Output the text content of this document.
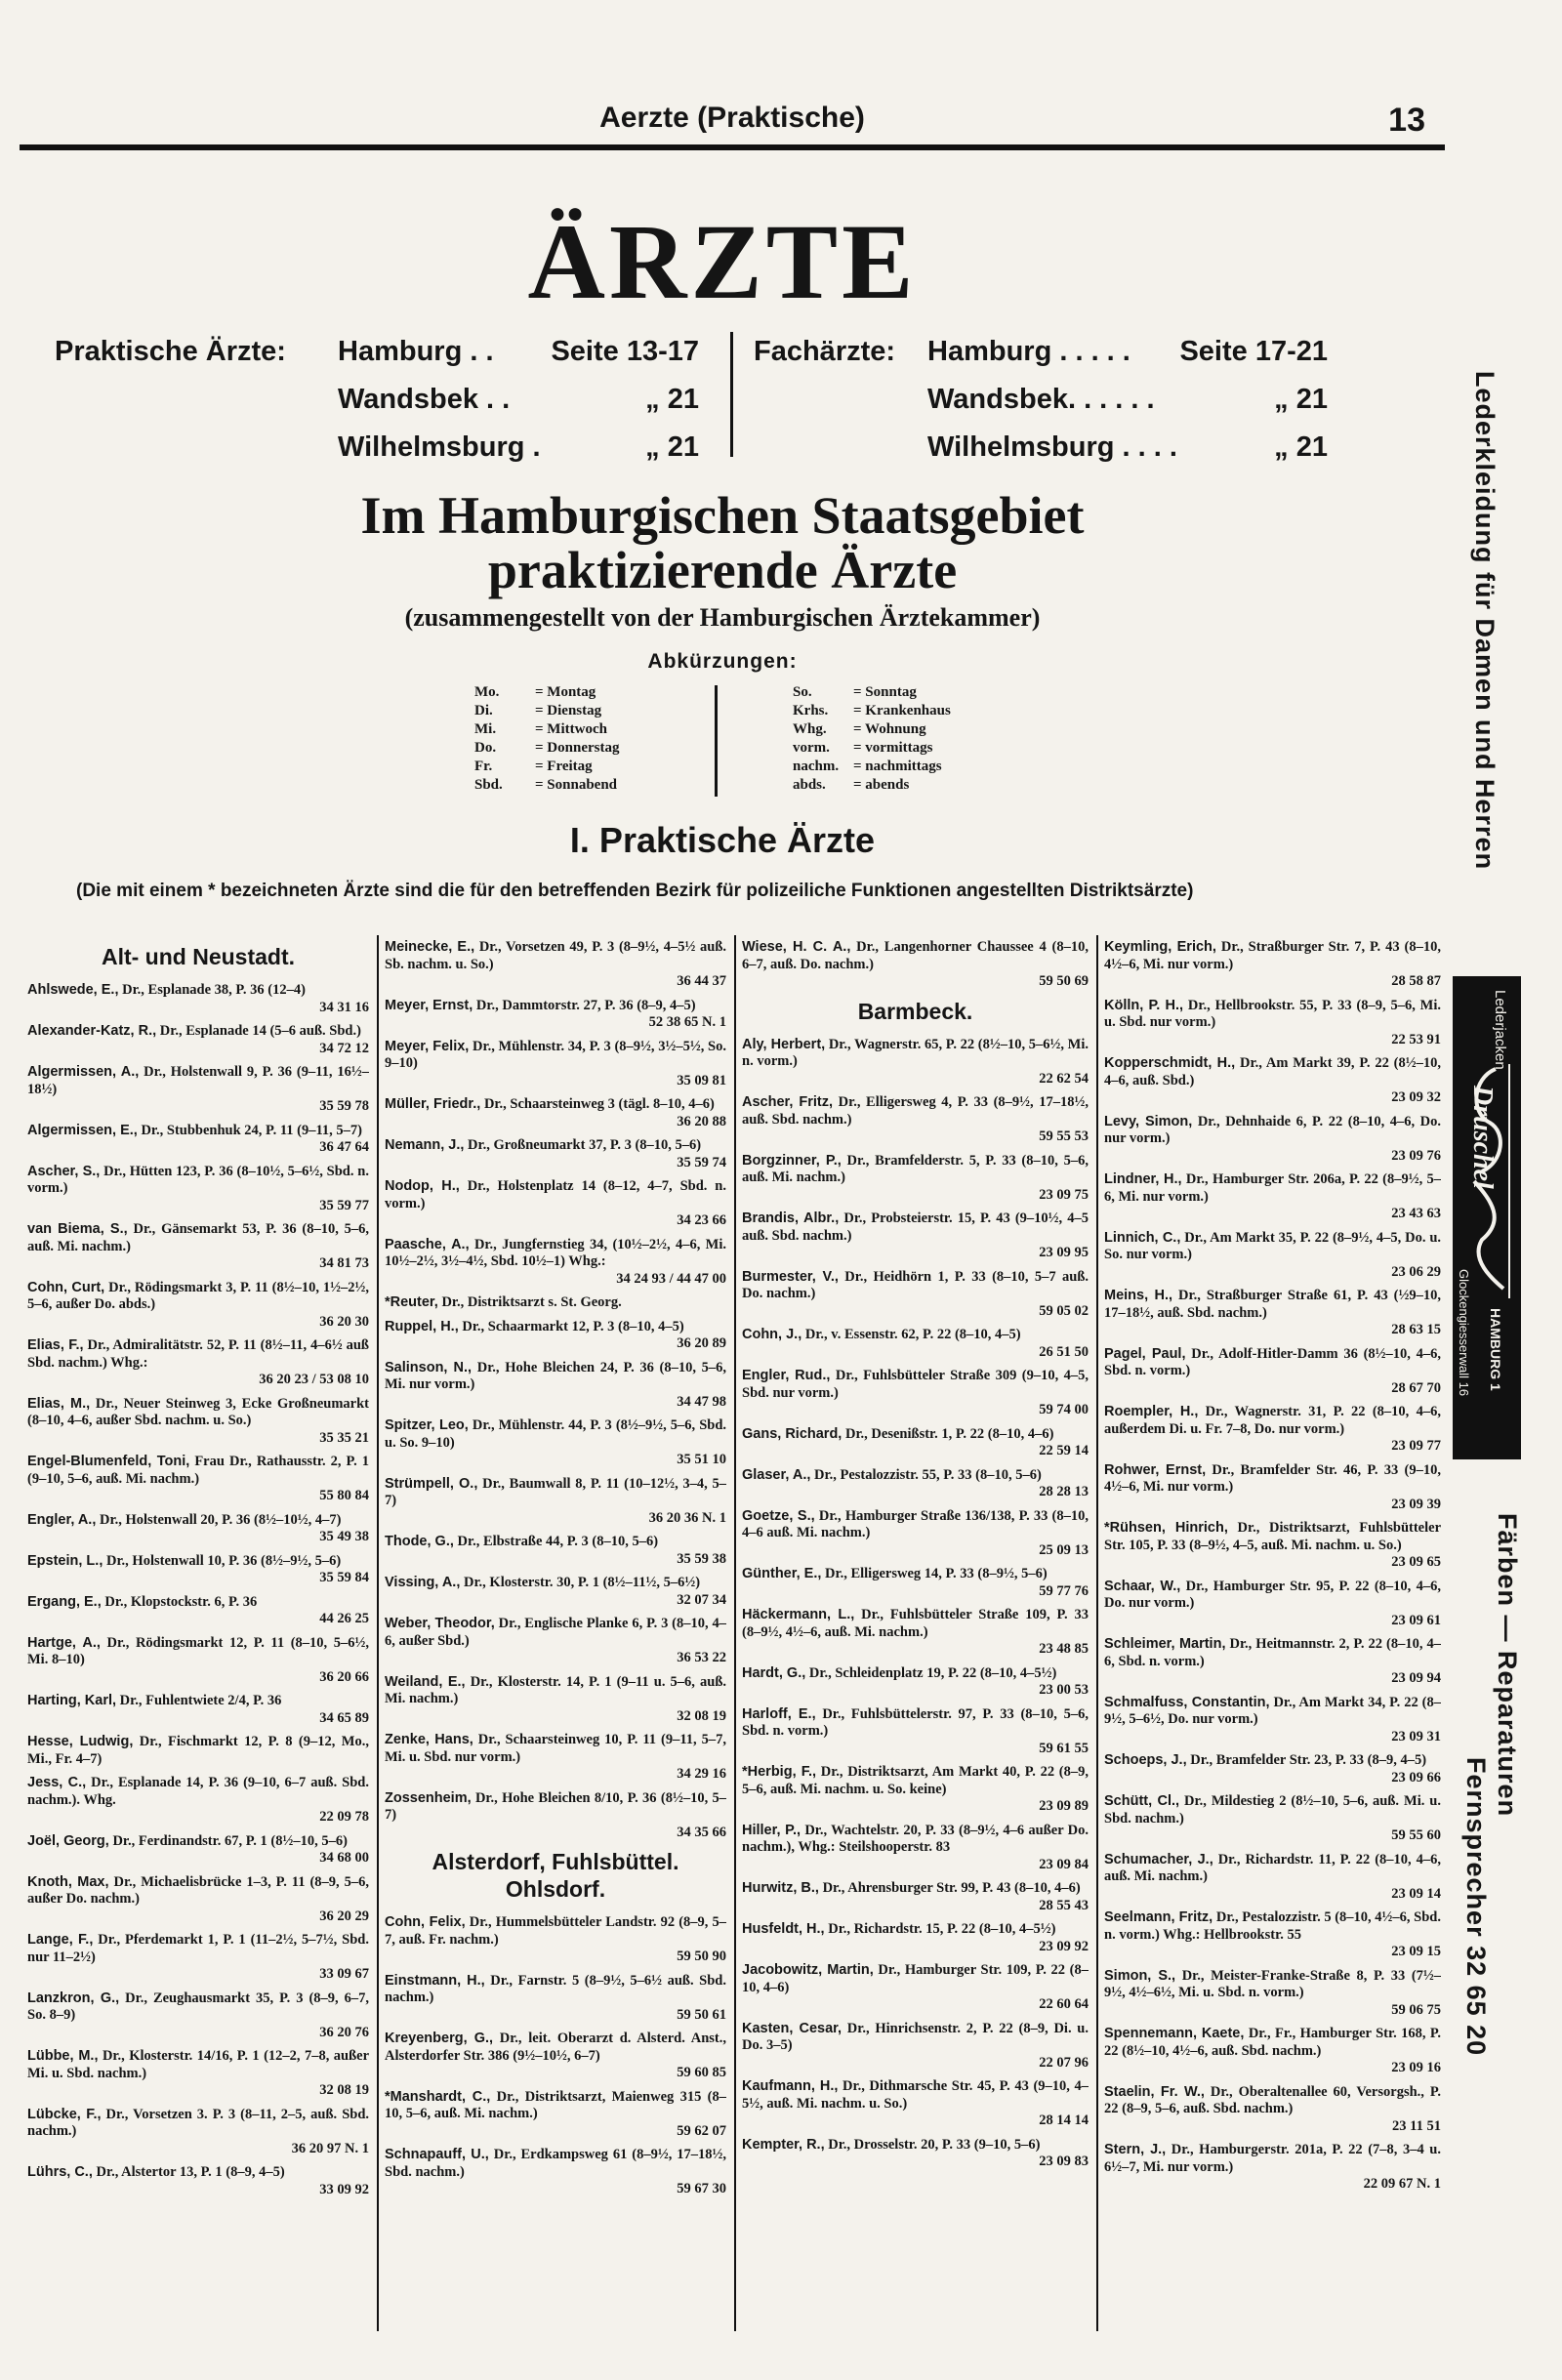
Aerzte (Praktische)	13
ÄRZTE
Praktische Ärzte: Hamburg . . Seite 13-17
Wandsbek . .	„ 21
Wilhelmsburg .	„ 21
Fachärzte: Hamburg . . . . . Seite 17-21
Wandsbek. . . . . .	„ 21
Wilhelmsburg . . . .	„ 21
Im Hamburgischen Staatsgebiet
praktizierende Ärzte
(zusammengestellt von der Hamburgischen Ärztekammer)
Abkürzungen:
Mo. = Montag
Di.	= Dienstag
Mi.	= Mittwoch
Do.	= Donnerstag
Fr.	= Freitag
Sbd. = Sonnabend
So.	= Sonntag
Krhs. = Krankenhaus
Whg. = Wohnung
vorm. = vormittags
nachm. = nachmittags
abds. = abends
I. Praktische Ärzte
(Die mit einem * bezeichneten Ärzte sind die für den betreffenden Bezirk für polizeiliche Funktionen angestellten Distriktsärzte)
Alt- und Neustadt.
Ahlswede, E., Dr., Esplanade 38, P. 36 (12–4)
34 31 16
Alexander-Katz, R., Dr., Esplanade 14 (5–6 auß. Sbd.)
34 72 12
Algermissen, A., Dr., Holstenwall 9, P. 36 (9–11, 16½–18½)
35 59 78
Algermissen, E., Dr., Stubbenhuk 24, P. 11 (9–11, 5–7)
36 47 64
Ascher, S., Dr., Hütten 123, P. 36 (8–10½, 5–6½, Sbd. n. vorm.)
35 59 77
van Biema, S., Dr., Gänsemarkt 53, P. 36 (8–10, 5–6, auß. Mi. nachm.)
34 81 73
Cohn, Curt, Dr., Rödingsmarkt 3, P. 11 (8½–10, 1½–2½, 5–6, außer Do. abds.)
36 20 30
Elias, F., Dr., Admiralitätstr. 52, P. 11 (8½–11, 4–6½ auß Sbd. nachm.) Whg.:
36 20 23 / 53 08 10
Elias, M., Dr., Neuer Steinweg 3, Ecke Großneumarkt (8–10, 4–6, außer Sbd. nachm. u. So.)
35 35 21
Engel-Blumenfeld, Toni, Frau Dr., Rathausstr. 2, P. 1 (9–10, 5–6, auß. Mi. nachm.)
55 80 84
Engler, A., Dr., Holstenwall 20, P. 36 (8½–10½, 4–7)
35 49 38
Epstein, L., Dr., Holstenwall 10, P. 36 (8½–9½, 5–6)
35 59 84
Ergang, E., Dr., Klopstockstr. 6, P. 36
44 26 25
Hartge, A., Dr., Rödingsmarkt 12, P. 11 (8–10, 5–6½, Mi. 8–10)
36 20 66
Harting, Karl, Dr., Fuhlentwiete 2/4, P. 36
34 65 89
Hesse, Ludwig, Dr., Fischmarkt 12, P. 8 (9–12, Mo., Mi., Fr. 4–7)
Jess, C., Dr., Esplanade 14, P. 36 (9–10, 6–7 auß. Sbd. nachm.). Whg.
22 09 78
Joël, Georg, Dr., Ferdinandstr. 67, P. 1 (8½–10, 5–6)
34 68 00
Knoth, Max, Dr., Michaelisbrücke 1–3, P. 11 (8–9, 5–6, außer Do. nachm.)
36 20 29
Lange, F., Dr., Pferdemarkt 1, P. 1 (11–2½, 5–7½, Sbd. nur 11–2½)
33 09 67
Lanzkron, G., Dr., Zeughausmarkt 35, P. 3 (8–9, 6–7, So. 8–9)
36 20 76
Lübbe, M., Dr., Klosterstr. 14/16, P. 1 (12–2, 7–8, außer Mi. u. Sbd. nachm.)
32 08 19
Lübcke, F., Dr., Vorsetzen 3. P. 3 (8–11, 2–5, auß. Sbd. nachm.)
36 20 97 N. 1
Lührs, C., Dr., Alstertor 13, P. 1 (8–9, 4–5)
33 09 92
Meinecke, E., Dr., Vorsetzen 49, P. 3 (8–9½, 4–5½ auß. Sb. nachm. u. So.)
36 44 37
Meyer, Ernst, Dr., Dammtorstr. 27, P. 36 (8–9, 4–5)
52 38 65 N. 1
Meyer, Felix, Dr., Mühlenstr. 34, P. 3 (8–9½, 3½–5½, So. 9–10)
35 09 81
Müller, Friedr., Dr., Schaarsteinweg 3 (tägl. 8–10, 4–6)
36 20 88
Nemann, J., Dr., Großneumarkt 37, P. 3 (8–10, 5–6)
35 59 74
Nodop, H., Dr., Holstenplatz 14 (8–12, 4–7, Sbd. n. vorm.)
34 23 66
Paasche, A., Dr., Jungfernstieg 34, (10½–2½, 4–6, Mi. 10½–2½, 3½–4½, Sbd. 10½–1) Whg.:
34 24 93 / 44 47 00
*Reuter, Dr., Distriktsarzt s. St. Georg.
Ruppel, H., Dr., Schaarmarkt 12, P. 3 (8–10, 4–5)
36 20 89
Salinson, N., Dr., Hohe Bleichen 24, P. 36 (8–10, 5–6, Mi. nur vorm.)
34 47 98
Spitzer, Leo, Dr., Mühlenstr. 44, P. 3 (8½–9½, 5–6, Sbd. u. So. 9–10)
35 51 10
Strümpell, O., Dr., Baumwall 8, P. 11 (10–12½, 3–4, 5–7)
36 20 36 N. 1
Thode, G., Dr., Elbstraße 44, P. 3 (8–10, 5–6)
35 59 38
Vissing, A., Dr., Klosterstr. 30, P. 1 (8½–11½, 5–6½)
32 07 34
Weber, Theodor, Dr., Englische Planke 6, P. 3 (8–10, 4–6, außer Sbd.)
36 53 22
Weiland, E., Dr., Klosterstr. 14, P. 1 (9–11 u. 5–6, auß. Mi. nachm.)
32 08 19
Zenke, Hans, Dr., Schaarsteinweg 10, P. 11 (9–11, 5–7, Mi. u. Sbd. nur vorm.)
34 29 16
Zossenheim, Dr., Hohe Bleichen 8/10, P. 36 (8½–10, 5–7)
34 35 66
Alsterdorf, Fuhlsbüttel. Ohlsdorf.
Cohn, Felix, Dr., Hummelsbütteler Landstr. 92 (8–9, 5–7, auß. Fr. nachm.)
59 50 90
Einstmann, H., Dr., Farnstr. 5 (8–9½, 5–6½ auß. Sbd. nachm.)
59 50 61
Kreyenberg, G., Dr., leit. Oberarzt d. Alsterd. Anst., Alsterdorfer Str. 386 (9½–10½, 6–7)
59 60 85
*Manshardt, C., Dr., Distriktsarzt, Maienweg 315 (8–10, 5–6, auß. Mi. nachm.)
59 62 07
Schnapauff, U., Dr., Erdkampsweg 61 (8–9½, 17–18½, Sbd. nachm.)
59 67 30
Wiese, H. C. A., Dr., Langenhorner Chaussee 4 (8–10, 6–7, auß. Do. nachm.)
59 50 69
Barmbeck.
Aly, Herbert, Dr., Wagnerstr. 65, P. 22 (8½–10, 5–6½, Mi. n. vorm.)
22 62 54
Ascher, Fritz, Dr., Elligersweg 4, P. 33 (8–9½, 17–18½, auß. Sbd. nachm.)
59 55 53
Borgzinner, P., Dr., Bramfelderstr. 5, P. 33 (8–10, 5–6, auß. Mi. nachm.)
23 09 75
Brandis, Albr., Dr., Probsteierstr. 15, P. 43 (9–10½, 4–5 auß. Sbd. nachm.)
23 09 95
Burmester, V., Dr., Heidhörn 1, P. 33 (8–10, 5–7 auß. Do. nachm.)
59 05 02
Cohn, J., Dr., v. Essenstr. 62, P. 22 (8–10, 4–5)
26 51 50
Engler, Rud., Dr., Fuhlsbütteler Straße 309 (9–10, 4–5, Sbd. nur vorm.)
59 74 00
Gans, Richard, Dr., Desenißstr. 1, P. 22 (8–10, 4–6)
22 59 14
Glaser, A., Dr., Pestalozzistr. 55, P. 33 (8–10, 5–6)
28 28 13
Goetze, S., Dr., Hamburger Straße 136/138, P. 33 (8–10, 4–6 auß. Mi. nachm.)
25 09 13
Günther, E., Dr., Elligersweg 14, P. 33 (8–9½, 5–6)
59 77 76
Häckermann, L., Dr., Fuhlsbütteler Straße 109, P. 33 (8–9½, 4½–6, auß. Mi. nachm.)
23 48 85
Hardt, G., Dr., Schleidenplatz 19, P. 22 (8–10, 4–5½)
23 00 53
Harloff, E., Dr., Fuhlsbüttelerstr. 97, P. 33 (8–10, 5–6, Sbd. n. vorm.)
59 61 55
*Herbig, F., Dr., Distriktsarzt, Am Markt 40, P. 22 (8–9, 5–6, auß. Mi. nachm. u. So. keine)
23 09 89
Hiller, P., Dr., Wachtelstr. 20, P. 33 (8–9½, 4–6 außer Do. nachm.), Whg.: Steilshooperstr. 83
23 09 84
Hurwitz, B., Dr., Ahrensburger Str. 99, P. 43 (8–10, 4–6)
28 55 43
Husfeldt, H., Dr., Richardstr. 15, P. 22 (8–10, 4–5½)
23 09 92
Jacobowitz, Martin, Dr., Hamburger Str. 109, P. 22 (8–10, 4–6)
22 60 64
Kasten, Cesar, Dr., Hinrichsenstr. 2, P. 22 (8–9, Di. u. Do. 3–5)
22 07 96
Kaufmann, H., Dr., Dithmarsche Str. 45, P. 43 (9–10, 4–5½, auß. Mi. nachm. u. So.)
28 14 14
Kempter, R., Dr., Drosselstr. 20, P. 33 (9–10, 5–6)
23 09 83
Keymling, Erich, Dr., Straßburger Str. 7, P. 43 (8–10, 4½–6, Mi. nur vorm.)
28 58 87
Kölln, P. H., Dr., Hellbrookstr. 55, P. 33 (8–9, 5–6, Mi. u. Sbd. nur vorm.)
22 53 91
Kopperschmidt, H., Dr., Am Markt 39, P. 22 (8½–10, 4–6, auß. Sbd.)
23 09 32
Levy, Simon, Dr., Dehnhaide 6, P. 22 (8–10, 4–6, Do. nur vorm.)
23 09 76
Lindner, H., Dr., Hamburger Str. 206a, P. 22 (8–9½, 5–6, Mi. nur vorm.)
23 43 63
Linnich, C., Dr., Am Markt 35, P. 22 (8–9½, 4–5, Do. u. So. nur vorm.)
23 06 29
Meins, H., Dr., Straßburger Straße 61, P. 43 (½9–10, 17–18½, auß. Sbd. nachm.)
28 63 15
Pagel, Paul, Dr., Adolf-Hitler-Damm 36 (8½–10, 4–6, Sbd. n. vorm.)
28 67 70
Roempler, H., Dr., Wagnerstr. 31, P. 22 (8–10, 4–6, außerdem Di. u. Fr. 7–8, Do. nur vorm.)
23 09 77
Rohwer, Ernst, Dr., Bramfelder Str. 46, P. 33 (9–10, 4½–6, Mi. nur vorm.)
23 09 39
*Rühsen, Hinrich, Dr., Distriktsarzt, Fuhlsbütteler Str. 105, P. 33 (8–9½, 4–5, auß. Mi. nachm. u. So.)
23 09 65
Schaar, W., Dr., Hamburger Str. 95, P. 22 (8–10, 4–6, Do. nur vorm.)
23 09 61
Schleimer, Martin, Dr., Heitmannstr. 2, P. 22 (8–10, 4–6, Sbd. n. vorm.)
23 09 94
Schmalfuss, Constantin, Dr., Am Markt 34, P. 22 (8–9½, 5–6½, Do. nur vorm.)
23 09 31
Schoeps, J., Dr., Bramfelder Str. 23, P. 33 (8–9, 4–5)
23 09 66
Schütt, Cl., Dr., Mildestieg 2 (8½–10, 5–6, auß. Mi. u. Sbd. nachm.)
59 55 60
Schumacher, J., Dr., Richardstr. 11, P. 22 (8–10, 4–6, auß. Mi. nachm.)
23 09 14
Seelmann, Fritz, Dr., Pestalozzistr. 5 (8–10, 4½–6, Sbd. n. vorm.) Whg.: Hellbrookstr. 55
23 09 15
Simon, S., Dr., Meister-Franke-Straße 8, P. 33 (7½–9½, 4½–6½, Mi. u. Sbd. n. vorm.)
59 06 75
Spennemann, Kaete, Dr., Fr., Hamburger Str. 168, P. 22 (8½–10, 4½–6, auß. Sbd. nachm.)
23 09 16
Staelin, Fr. W., Dr., Oberaltenallee 60, Versorgsh., P. 22 (8–9, 5–6, auß. Sbd. nachm.)
23 11 51
Stern, J., Dr., Hamburgerstr. 201a, P. 22 (7–8, 3–4 u. 6½–7, Mi. nur vorm.)
22 09 67 N. 1
Lederkleidung für Damen und Herren
Lederjacken
Druschel
Glockengiesserwall 16 HAMBURG 1
Färben — Reparaturen
Fernsprecher 32 65 20
